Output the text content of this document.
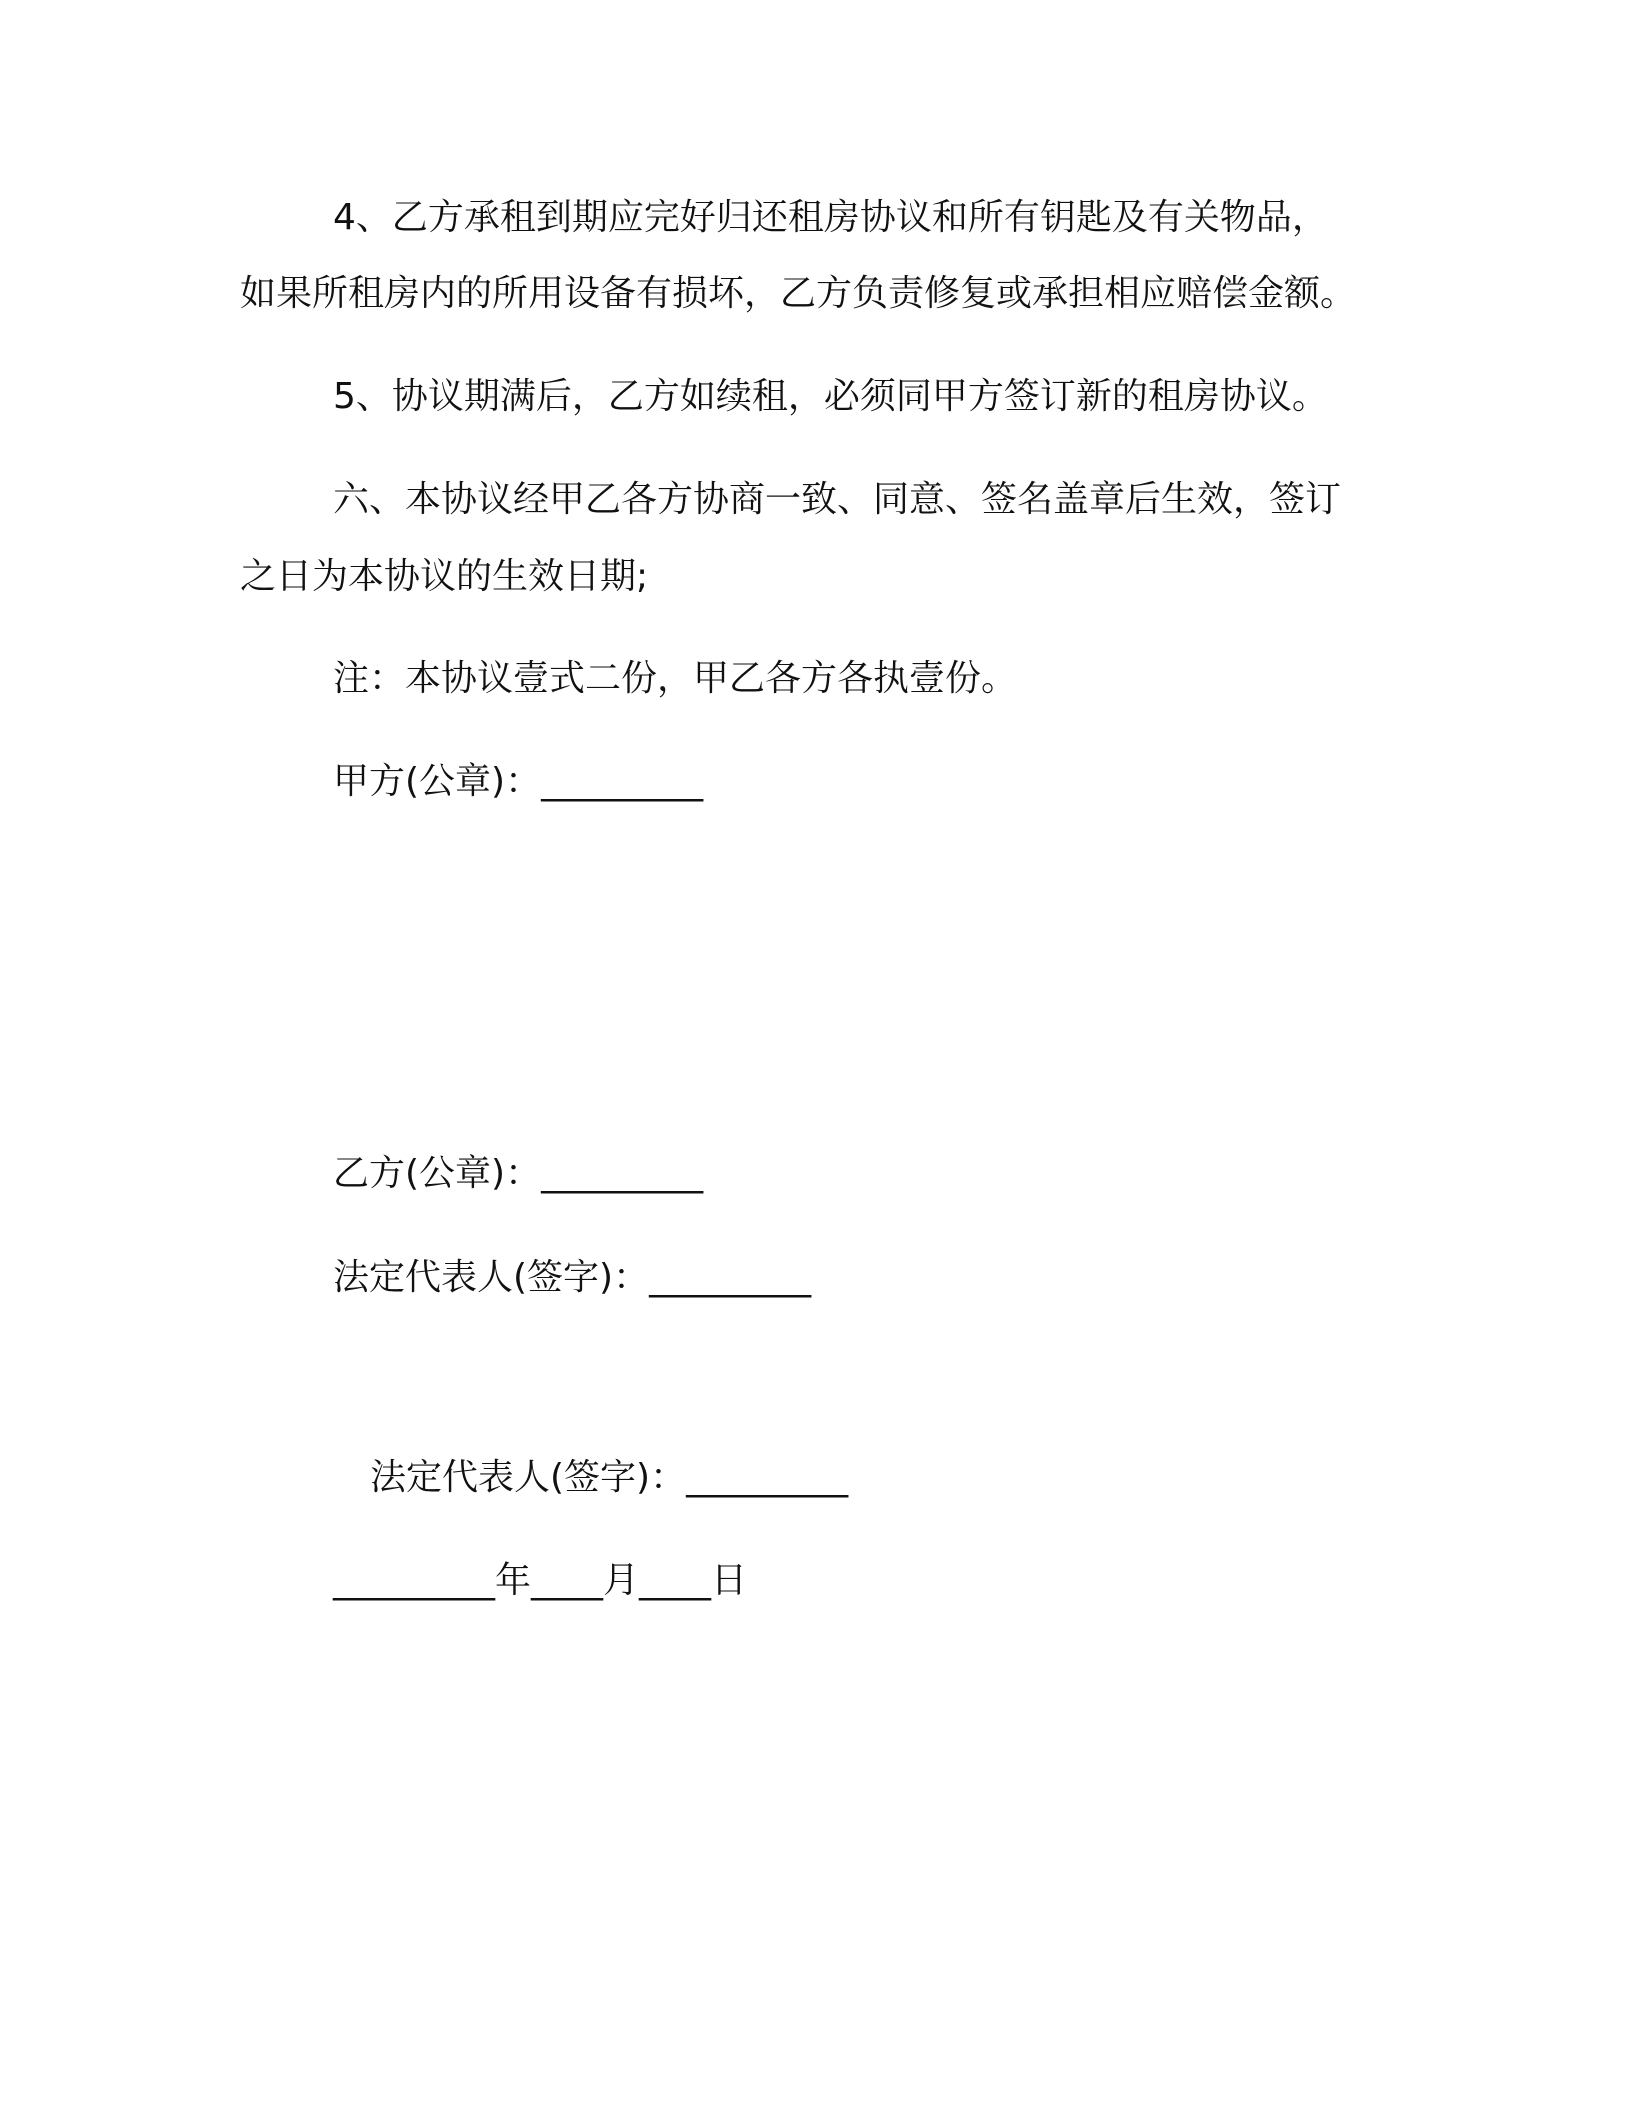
4、乙方承租到期应完好归还租房协议和所有钥匙及有关物品，
如果所租房内的所用设备有损坏，乙方负责修复或承担相应赔偿金额。
5、协议期满后，乙方如续租，必须同甲方签订新的租房协议。
六、本协议经甲乙各方协商一致、同意、签名盖章后生效，签订
之日为本协议的生效日期;
注：本协议壹式二份，甲乙各方各执壹份。
甲方(公章)：_________
乙方(公章)：_________
法定代表人(签字)：_________
法定代表人(签字)：_________
_________年____月____日
